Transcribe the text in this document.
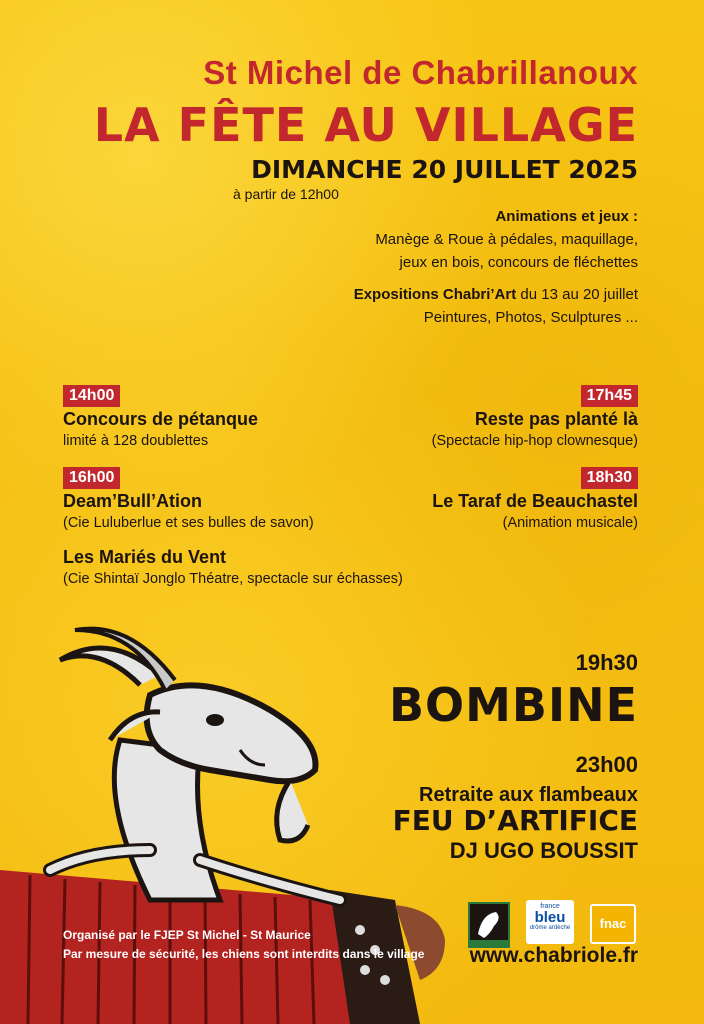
St Michel de Chabrillanoux
LA FÊTE AU VILLAGE
DIMANCHE 20 JUILLET 2025
à partir de 12h00
Animations et jeux :
Manège & Roue à pédales, maquillage,
jeux en bois, concours de fléchettes
Expositions Chabri’Art du 13 au 20 juillet
Peintures, Photos, Sculptures ...
14h00
Concours de pétanque
limité à 128 doublettes
16h00
Deam’Bull’Ation
(Cie Luluberlue et ses bulles de savon)
Les Mariés du Vent
(Cie Shintaï Jonglo Théatre, spectacle sur échasses)
17h45
Reste pas planté là
(Spectacle hip-hop clownesque)
18h30
Le Taraf de Beauchastel
(Animation musicale)
19h30
BOMBINE
23h00
Retraite aux flambeaux
FEU D’ARTIFICE
DJ UGO BOUSSIT
Organisé par le FJEP St Michel - St Maurice
Par mesure de sécurité, les chiens sont interdits dans le village
france
bleu
drôme ardèche	fnac
www.chabriole.fr
